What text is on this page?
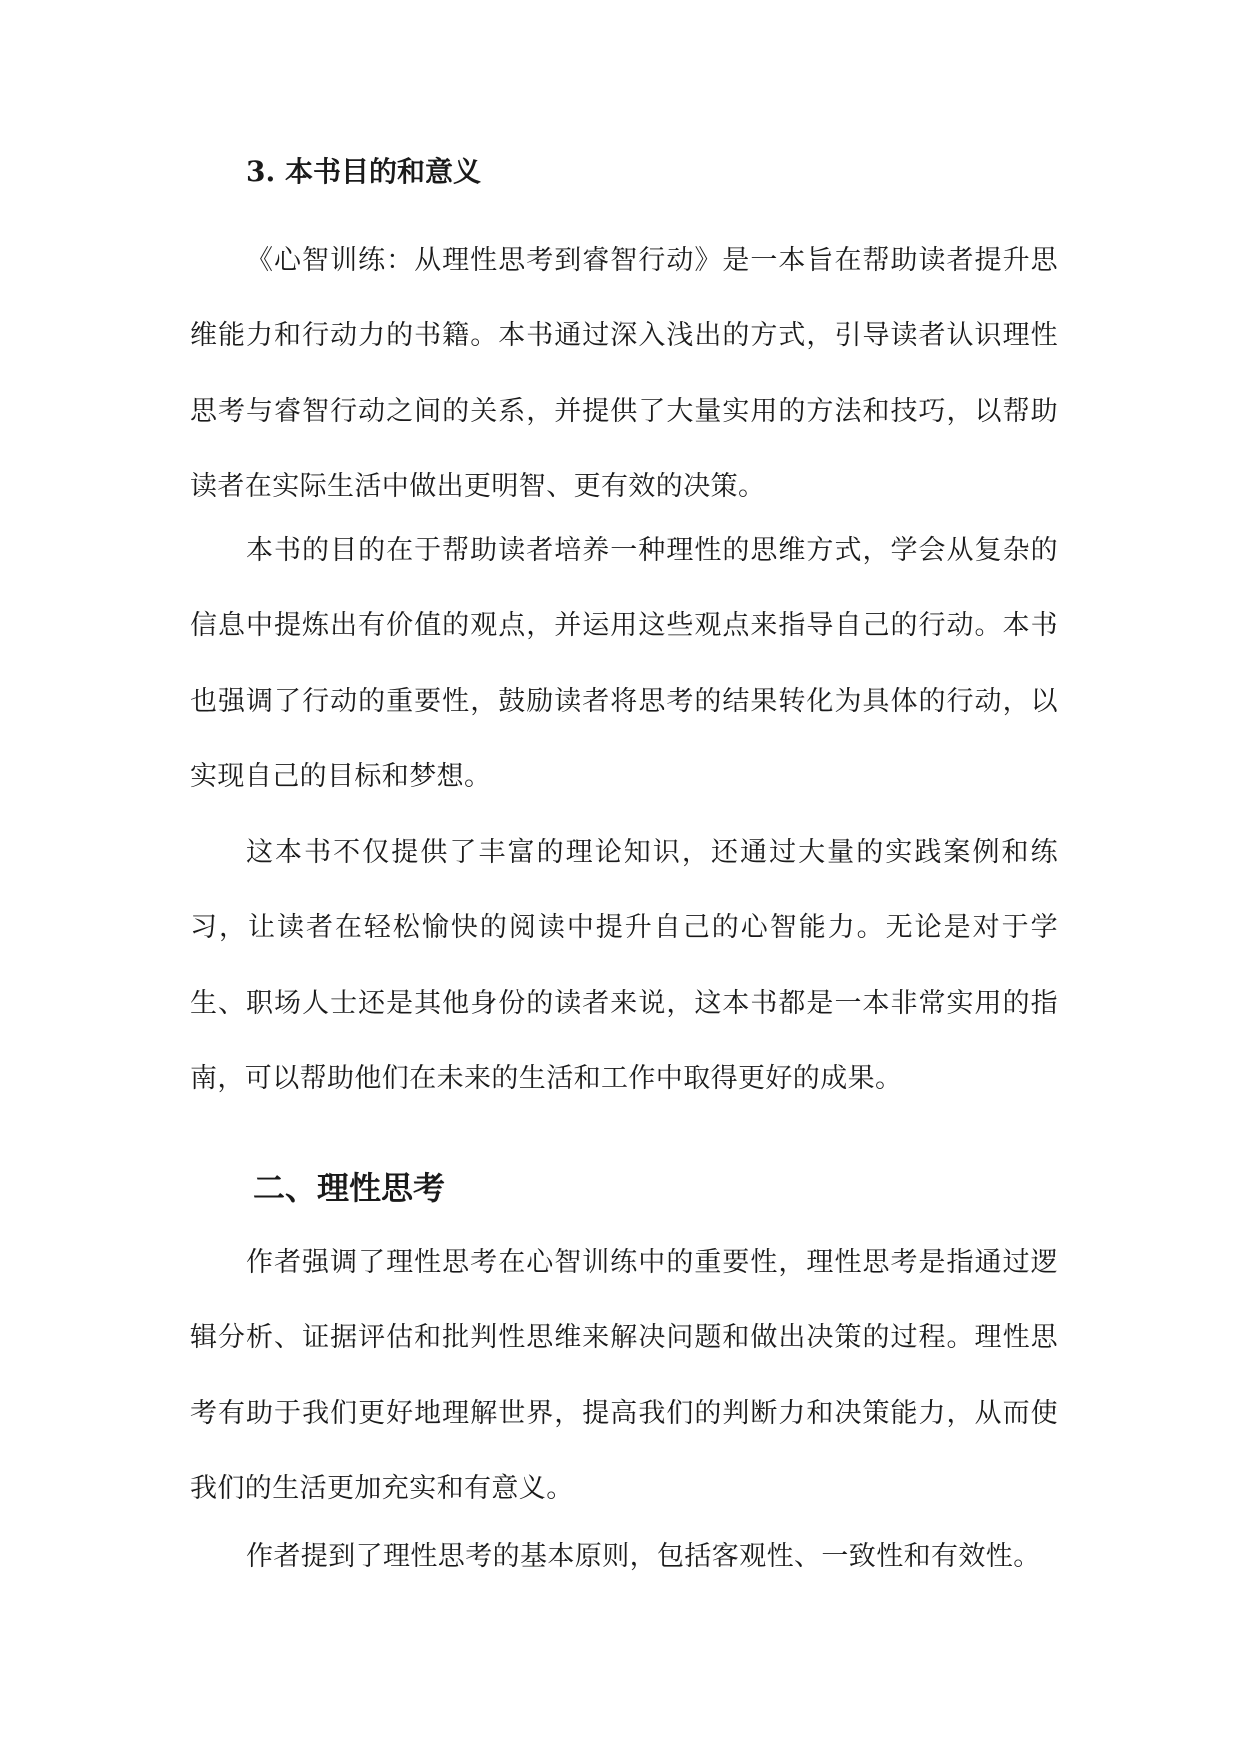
3. 本书目的和意义

《心智训练：从理性思考到睿智行动》是一本旨在帮助读者提升思维能力和行动力的书籍。本书通过深入浅出的方式，引导读者认识理性思考与睿智行动之间的关系，并提供了大量实用的方法和技巧，以帮助读者在实际生活中做出更明智、更有效的决策。

本书的目的在于帮助读者培养一种理性的思维方式，学会从复杂的信息中提炼出有价值的观点，并运用这些观点来指导自己的行动。本书也强调了行动的重要性，鼓励读者将思考的结果转化为具体的行动，以实现自己的目标和梦想。

这本书不仅提供了丰富的理论知识，还通过大量的实践案例和练习，让读者在轻松愉快的阅读中提升自己的心智能力。无论是对于学生、职场人士还是其他身份的读者来说，这本书都是一本非常实用的指南，可以帮助他们在未来的生活和工作中取得更好的成果。

二、理性思考

作者强调了理性思考在心智训练中的重要性，理性思考是指通过逻辑分析、证据评估和批判性思维来解决问题和做出决策的过程。理性思考有助于我们更好地理解世界，提高我们的判断力和决策能力，从而使我们的生活更加充实和有意义。

作者提到了理性思考的基本原则，包括客观性、一致性和有效性。
